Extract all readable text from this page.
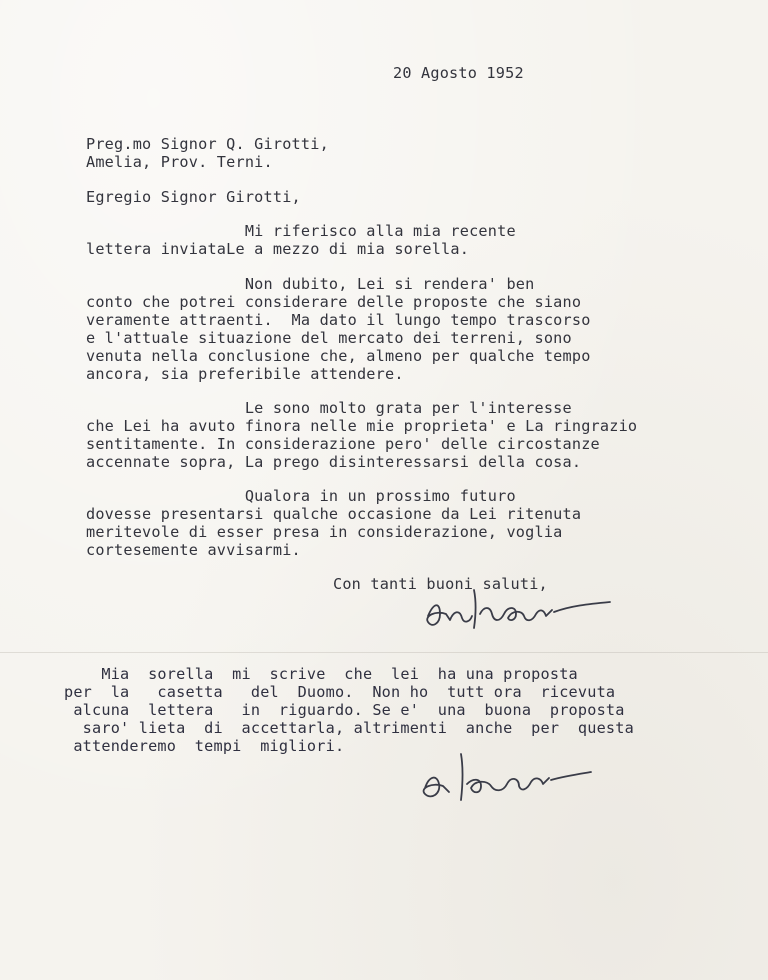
20 Agosto 1952
Preg.mo Signor Q. Girotti,
Amelia, Prov. Terni.
Egregio Signor Girotti,
Mi riferisco alla mia recente
lettera inviataLe a mezzo di mia sorella.
Non dubito, Lei si rendera' ben
conto che potrei considerare delle proposte che siano
veramente attraenti.  Ma dato il lungo tempo trascorso
e l'attuale situazione del mercato dei terreni, sono
venuta nella conclusione che, almeno per qualche tempo
ancora, sia preferibile attendere.
Le sono molto grata per l'interesse
che Lei ha avuto finora nelle mie proprieta' e La ringrazio
sentitamente. In considerazione pero' delle circostanze
accennate sopra, La prego disinteressarsi della cosa.
Qualora in un prossimo futuro
dovesse presentarsi qualche occasione da Lei ritenuta
meritevole di esser presa in considerazione, voglia
cortesemente avvisarmi.
Con tanti buoni saluti,
Mia  sorella  mi  scrive  che  lei  ha una proposta
per  la   casetta   del  Duomo.  Non ho  tutt ora  ricevuta
alcuna  lettera   in  riguardo. Se e'  una  buona  proposta
saro' lieta  di  accettarla, altrimenti  anche  per  questa
attenderemo  tempi  migliori.
